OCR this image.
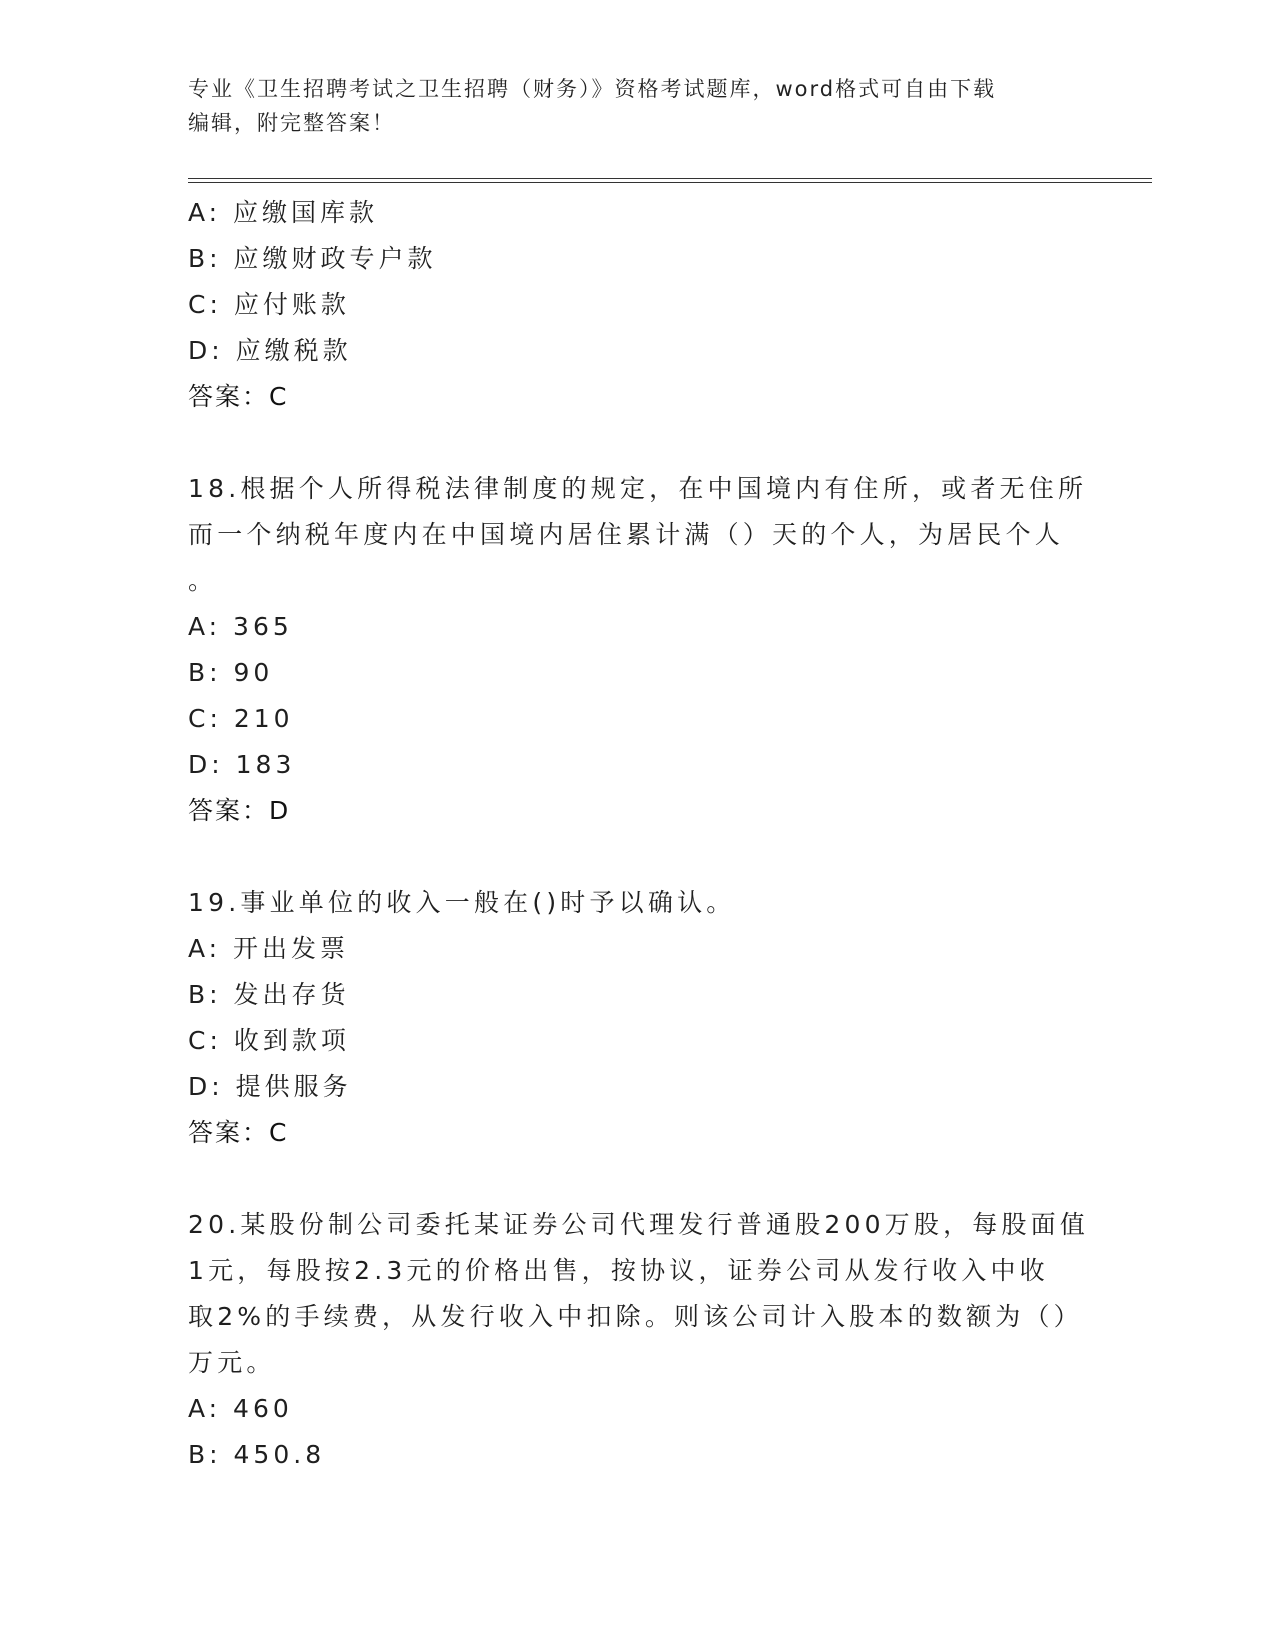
专业《卫生招聘考试之卫生招聘（财务）》资格考试题库，word格式可自由下载
编辑，附完整答案！
A: 应缴国库款
B: 应缴财政专户款
C: 应付账款
D: 应缴税款
答案：C
18.根据个人所得税法律制度的规定，在中国境内有住所，或者无住所
而一个纳税年度内在中国境内居住累计满（）天的个人，为居民个人
。
A: 365
B: 90
C: 210
D: 183
答案：D
19.事业单位的收入一般在()时予以确认。
A: 开出发票
B: 发出存货
C: 收到款项
D: 提供服务
答案：C
20.某股份制公司委托某证券公司代理发行普通股200万股，每股面值
1元，每股按2.3元的价格出售，按协议，证券公司从发行收入中收
取2%的手续费，从发行收入中扣除。则该公司计入股本的数额为（）
万元。
A: 460
B: 450.8
